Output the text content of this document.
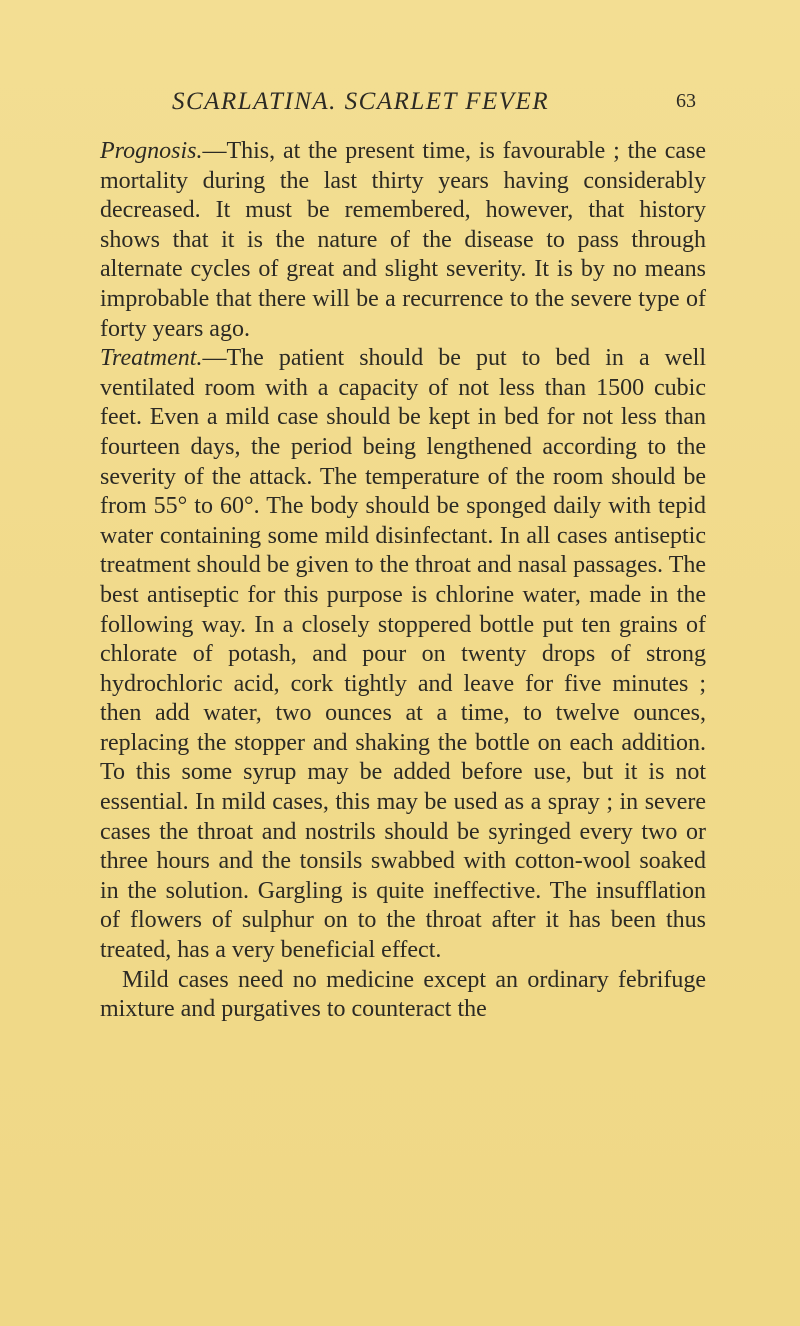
SCARLATINA. SCARLET FEVER	63

Prognosis.—This, at the present time, is favourable ; the case mortality during the last thirty years having considerably decreased. It must be remembered, however, that history shows that it is the nature of the disease to pass through alternate cycles of great and slight severity. It is by no means improbable that there will be a recurrence to the severe type of forty years ago.

Treatment.—The patient should be put to bed in a well ventilated room with a capacity of not less than 1500 cubic feet. Even a mild case should be kept in bed for not less than fourteen days, the period being lengthened according to the severity of the attack. The temperature of the room should be from 55° to 60°. The body should be sponged daily with tepid water containing some mild disinfectant. In all cases antiseptic treatment should be given to the throat and nasal passages. The best antiseptic for this purpose is chlorine water, made in the following way. In a closely stoppered bottle put ten grains of chlorate of potash, and pour on twenty drops of strong hydrochloric acid, cork tightly and leave for five minutes ; then add water, two ounces at a time, to twelve ounces, replacing the stopper and shaking the bottle on each addition. To this some syrup may be added before use, but it is not essential. In mild cases, this may be used as a spray ; in severe cases the throat and nostrils should be syringed every two or three hours and the tonsils swabbed with cotton-wool soaked in the solution. Gargling is quite ineffective. The insufflation of flowers of sulphur on to the throat after it has been thus treated, has a very beneficial effect.

Mild cases need no medicine except an ordinary febrifuge mixture and purgatives to counteract the
